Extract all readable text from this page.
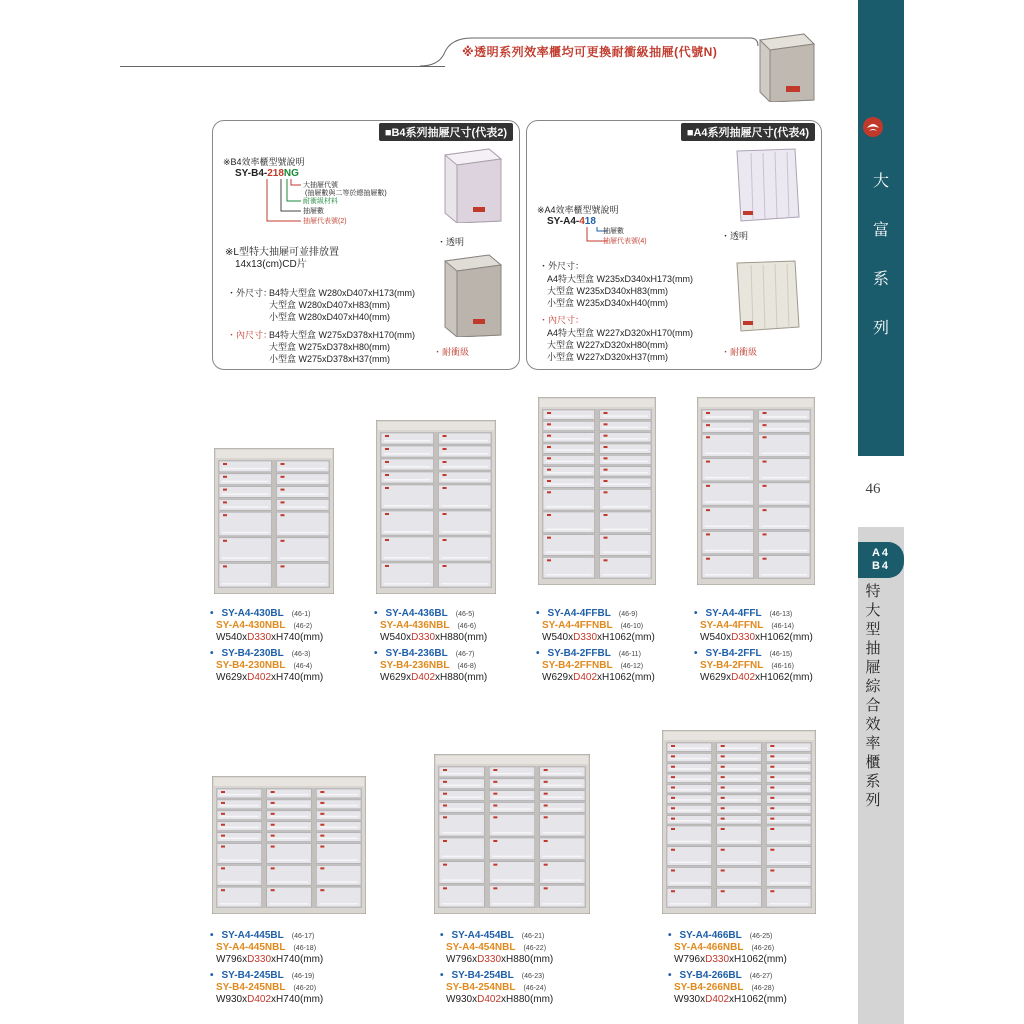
大
富
系
列
46
A4
B4
特
大
型
抽
屜
綜
合
效
率
櫃
系
列
※透明系列效率櫃均可更換耐衝級抽屜(代號N)
■B4系列抽屜尺寸(代表2)
※B4效率櫃型號說明
SY-B4-218NG
大抽屜代號
(抽屜數與二等於總抽屜數)
耐衝級材料
抽屜數
抽屜代表號(2)
※L型特大抽屜可並排放置
14x13(cm)CD片
・外尺寸：
B4特大型盒 W280xD407xH173(mm)
大型盒 W280xD407xH83(mm)
小型盒 W280xD407xH40(mm)
・內尺寸：
B4特大型盒 W275xD378xH170(mm)
大型盒 W275xD378xH80(mm)
小型盒 W275xD378xH37(mm)
・透明
・耐衝級
■A4系列抽屜尺寸(代表4)
※A4效率櫃型號說明
SY-A4-418
抽屜數
抽屜代表號(4)
・外尺寸：
A4特大型盒 W235xD340xH173(mm)
大型盒 W235xD340xH83(mm)
小型盒 W235xD340xH40(mm)
・內尺寸：
A4特大型盒 W227xD320xH170(mm)
大型盒 W227xD320xH80(mm)
小型盒 W227xD320xH37(mm)
・透明
・耐衝級
• SY-A4-430BL (46-1)
SY-A4-430NBL (46-2)
W540xD330xH740(mm)
• SY-B4-230BL (46-3)
SY-B4-230NBL (46-4)
W629xD402xH740(mm)
• SY-A4-436BL (46-5)
SY-A4-436NBL (46-6)
W540xD330xH880(mm)
• SY-B4-236BL (46-7)
SY-B4-236NBL (46-8)
W629xD402xH880(mm)
• SY-A4-4FFBL (46-9)
SY-A4-4FFNBL (46-10)
W540xD330xH1062(mm)
• SY-B4-2FFBL (46-11)
SY-B4-2FFNBL (46-12)
W629xD402xH1062(mm)
• SY-A4-4FFL (46-13)
SY-A4-4FFNL (46-14)
W540xD330xH1062(mm)
• SY-B4-2FFL (46-15)
SY-B4-2FFNL (46-16)
W629xD402xH1062(mm)
• SY-A4-445BL (46-17)
SY-A4-445NBL (46-18)
W796xD330xH740(mm)
• SY-B4-245BL (46-19)
SY-B4-245NBL (46-20)
W930xD402xH740(mm)
• SY-A4-454BL (46-21)
SY-A4-454NBL (46-22)
W796xD330xH880(mm)
• SY-B4-254BL (46-23)
SY-B4-254NBL (46-24)
W930xD402xH880(mm)
• SY-A4-466BL (46-25)
SY-A4-466NBL (46-26)
W796xD330xH1062(mm)
• SY-B4-266BL (46-27)
SY-B4-266NBL (46-28)
W930xD402xH1062(mm)
